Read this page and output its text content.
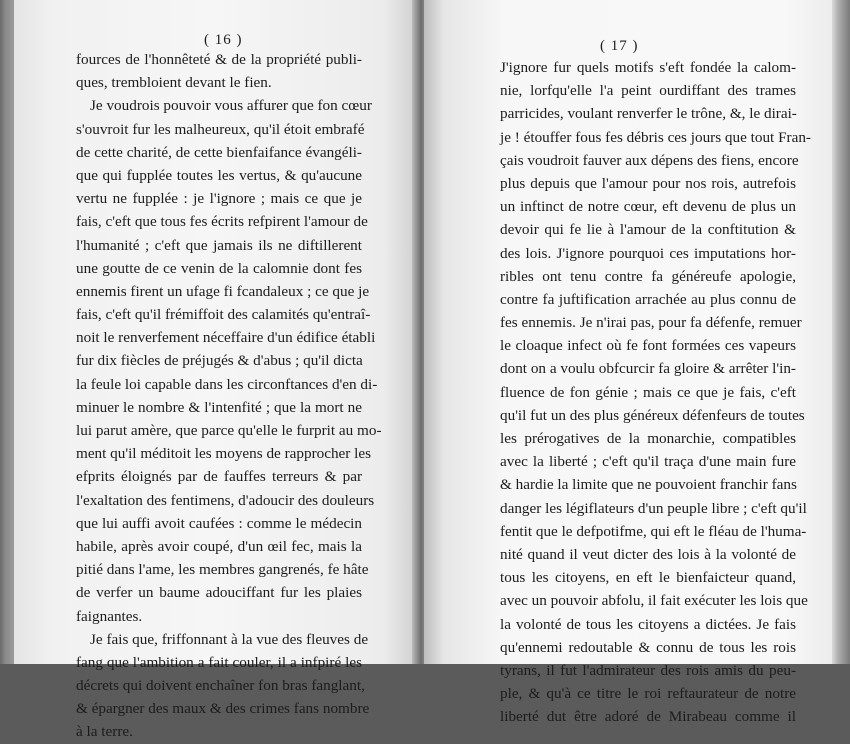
( 16 )
fources de l'honnêteté & de la propriété publi-
ques, trembloient devant le fien.
Je voudrois pouvoir vous affurer que fon cœur
s'ouvroit fur les malheureux, qu'il étoit embrafé
de cette charité, de cette bienfaifance évangéli-
que qui fupplée toutes les vertus, & qu'aucune
vertu ne fupplée : je l'ignore ; mais ce que je
fais, c'eft que tous fes écrits refpirent l'amour de
l'humanité ; c'eft que jamais ils ne diftillerent
une goutte de ce venin de la calomnie dont fes
ennemis firent un ufage fi fcandaleux ; ce que je
fais, c'eft qu'il frémiffoit des calamités qu'entraî-
noit le renverfement néceffaire d'un édifice établi
fur dix fiècles de préjugés & d'abus ; qu'il dicta
la feule loi capable dans les circonftances d'en di-
minuer le nombre & l'intenfité ; que la mort ne
lui parut amère, que parce qu'elle le furprit au mo-
ment qu'il méditoit les moyens de rapprocher les
efprits éloignés par de fauffes terreurs & par
l'exaltation des fentimens, d'adoucir des douleurs
que lui auffi avoit caufées : comme le médecin
habile, après avoir coupé, d'un œil fec, mais la
pitié dans l'ame, les membres gangrenés, fe hâte
de verfer un baume adouciffant fur les plaies
faignantes.
Je fais que, friffonnant à la vue des fleuves de
fang que l'ambition a fait couler, il a infpiré les
décrets qui doivent enchaîner fon bras fanglant,
& épargner des maux & des crimes fans nombre
à la terre.
( 17 )
J'ignore fur quels motifs s'eft fondée la calom-
nie, lorfqu'elle l'a peint ourdiffant des trames
parricides, voulant renverfer le trône, &, le dirai-
je ! étouffer fous fes débris ces jours que tout Fran-
çais voudroit fauver aux dépens des fiens, encore
plus depuis que l'amour pour nos rois, autrefois
un inftinct de notre cœur, eft devenu de plus un
devoir qui fe lie à l'amour de la conftitution &
des lois. J'ignore pourquoi ces imputations hor-
ribles ont tenu contre fa généreufe apologie,
contre fa juftification arrachée au plus connu de
fes ennemis. Je n'irai pas, pour fa défenfe, remuer
le cloaque infect où fe font formées ces vapeurs
dont on a voulu obfcurcir fa gloire & arrêter l'in-
fluence de fon génie ; mais ce que je fais, c'eft
qu'il fut un des plus généreux défenfeurs de toutes
les prérogatives de la monarchie, compatibles
avec la liberté ; c'eft qu'il traça d'une main fure
& hardie la limite que ne pouvoient franchir fans
danger les légiflateurs d'un peuple libre ; c'eft qu'il
fentit que le defpotifme, qui eft le fléau de l'huma-
nité quand il veut dicter des lois à la volonté de
tous les citoyens, en eft le bienfaicteur quand,
avec un pouvoir abfolu, il fait exécuter les lois que
la volonté de tous les citoyens a dictées. Je fais
qu'ennemi redoutable & connu de tous les rois
tyrans, il fut l'admirateur des rois amis du peu-
ple, & qu'à ce titre le roi reftaurateur de notre
liberté dut être adoré de Mirabeau comme il
